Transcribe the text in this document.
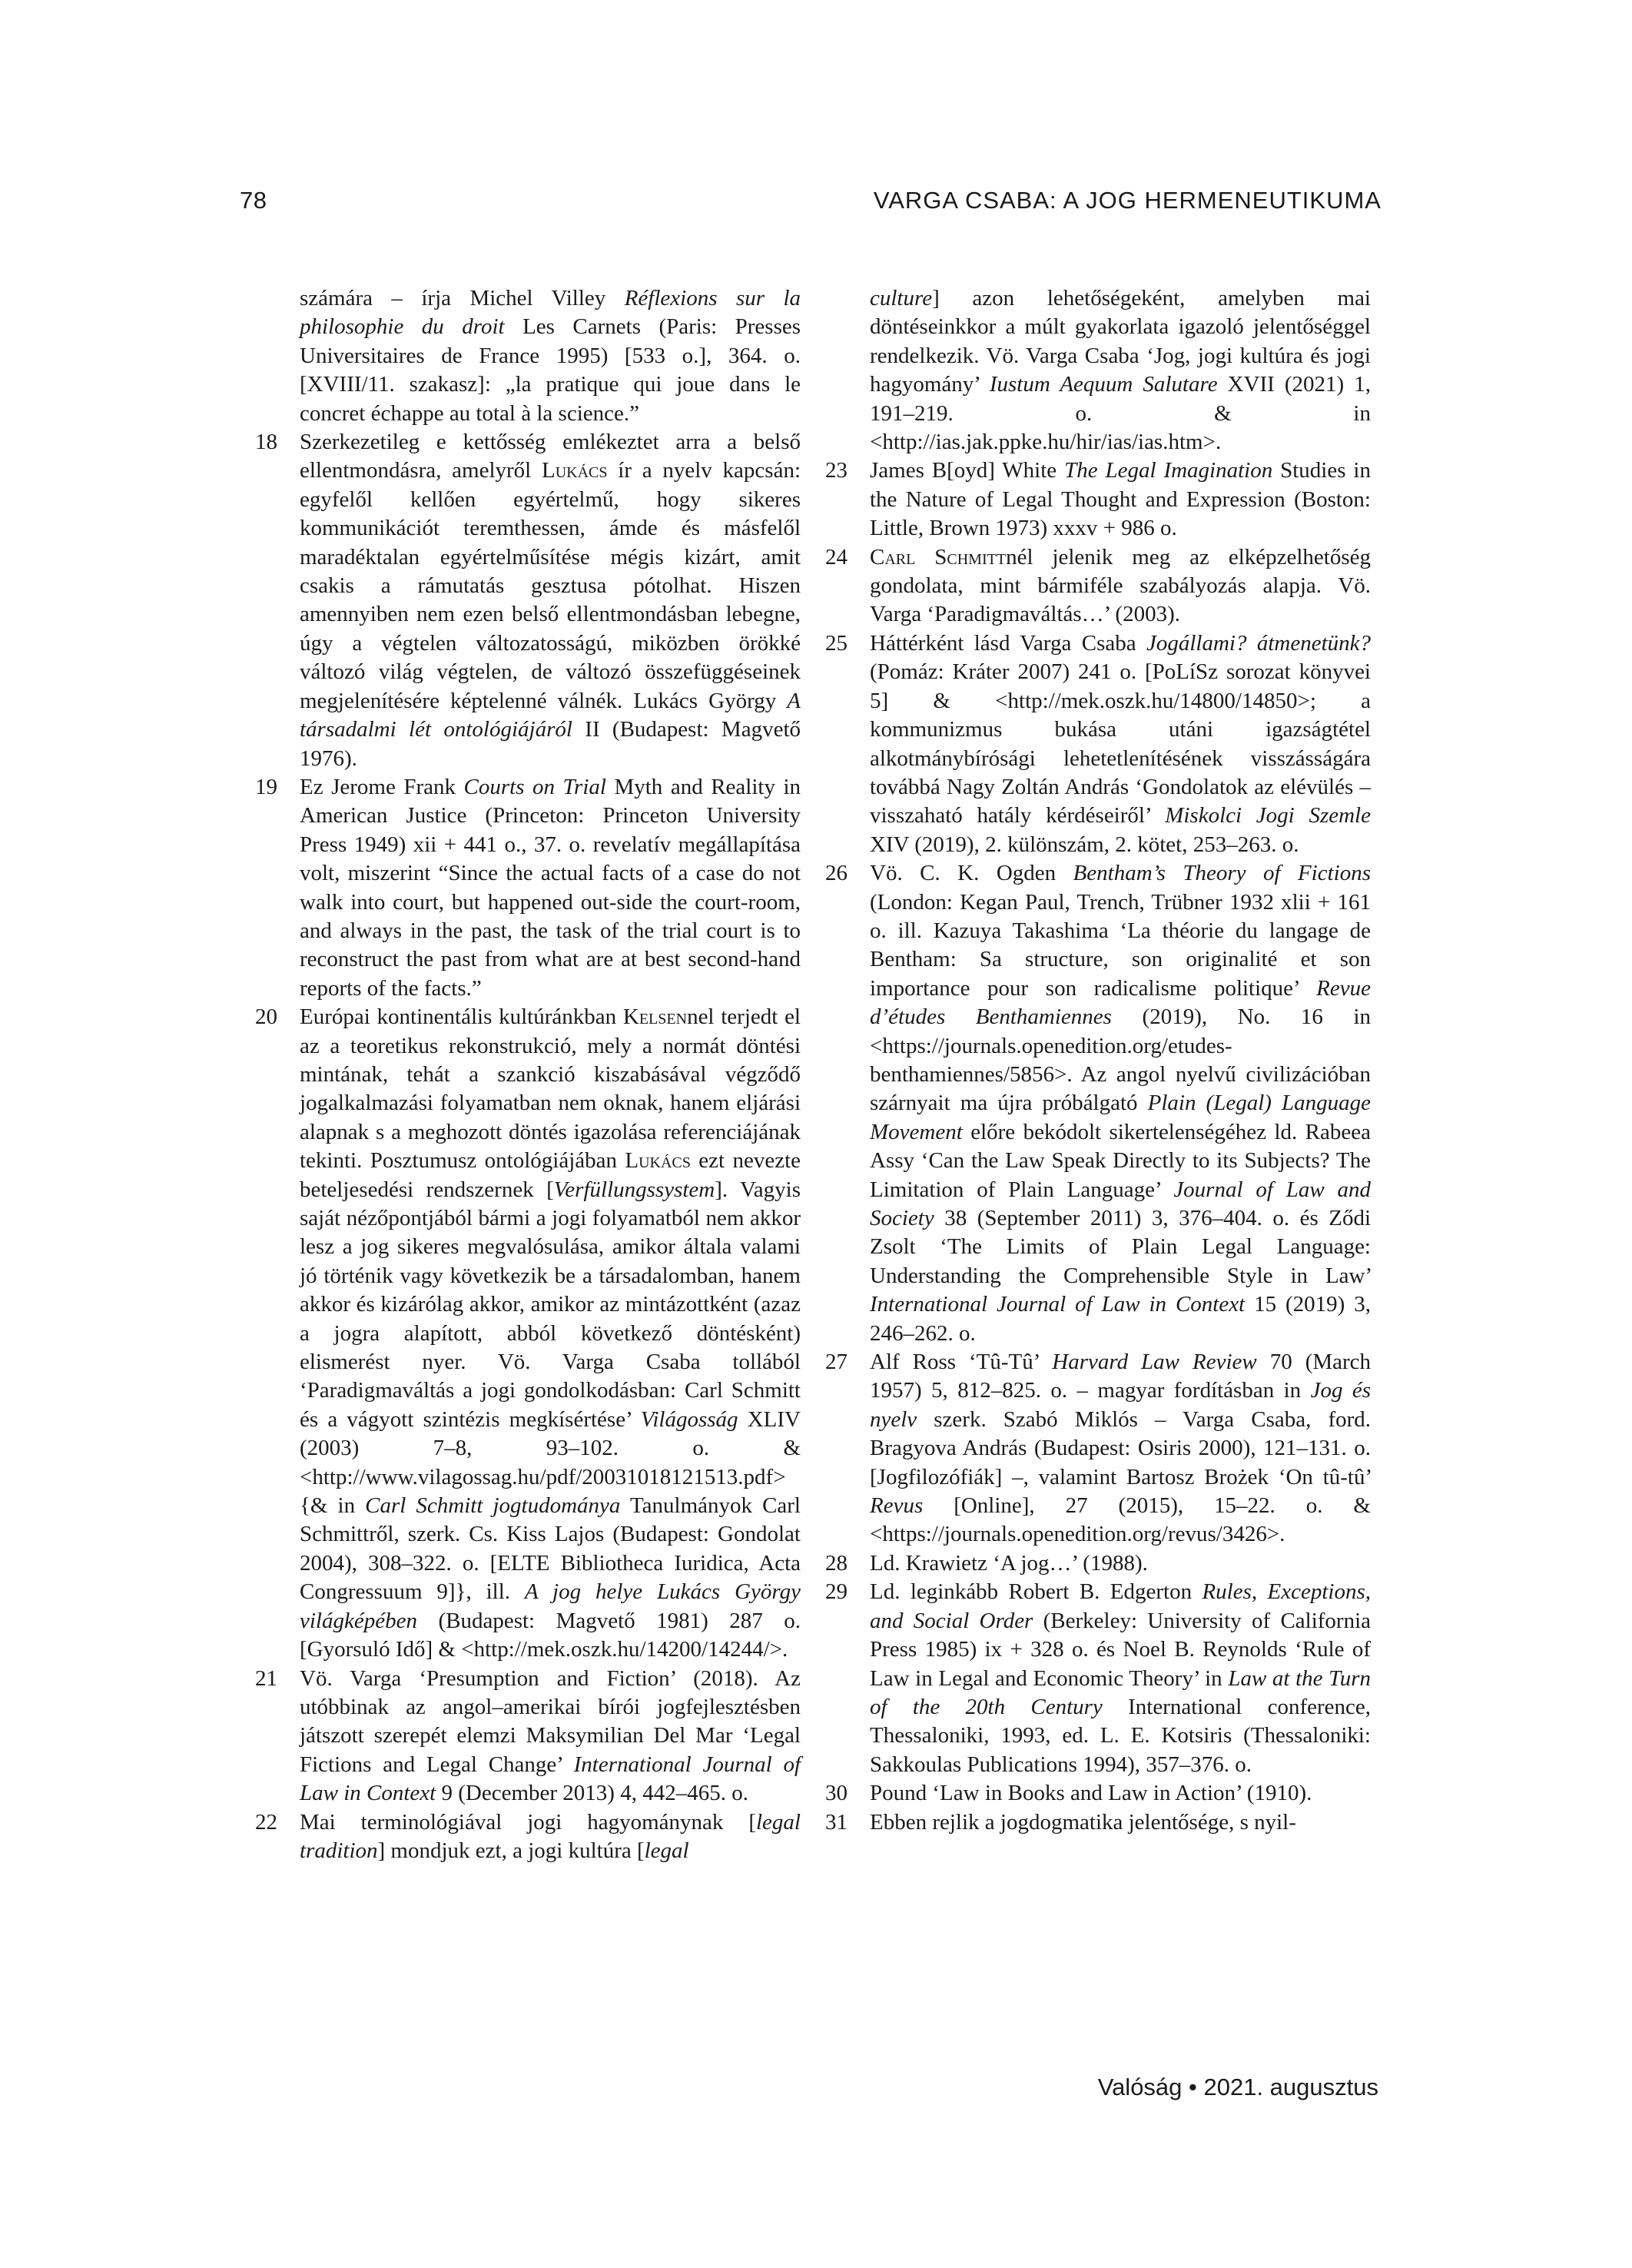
78	VARGA CSABA: A JOG HERMENEUTIKUMA

számára – írja Michel Villey Réflexions sur la philosophie du droit Les Carnets (Paris: Presses Universitaires de France 1995) [533 o.], 364. o. [XVIII/11. szakasz]: „la pratique qui joue dans le concret échappe au total à la science.”

18 Szerkezetileg e kettősség emlékeztet arra a belső ellentmondásra, amelyről Lukács ír a nyelv kapcsán: egyfelől kellően egyértelmű, hogy sikeres kommunikációt teremthessen, ámde és másfelől maradéktalan egyértelműsítése mégis kizárt, amit csakis a rámutatás gesztusa pótolhat. Hiszen amennyiben nem ezen belső ellentmondásban lebegne, úgy a végtelen változatosságú, miközben örökké változó világ végtelen, de változó összefüggéseinek megjelenítésére képtelenné válnék. Lukács György A társadalmi lét ontológiájáról II (Budapest: Magvető 1976).

19 Ez Jerome Frank Courts on Trial Myth and Reality in American Justice (Princeton: Princeton University Press 1949) xii + 441 o., 37. o. revelatív megállapítása volt, miszerint “Since the actual facts of a case do not walk into court, but happened out-side the court-room, and always in the past, the task of the trial court is to reconstruct the past from what are at best second-hand reports of the facts.”

20 Európai kontinentális kultúránkban Kelsennel terjedt el az a teoretikus rekonstrukció, mely a normát döntési mintának, tehát a szankció kiszabásával végződő jogalkalmazási folyamatban nem oknak, hanem eljárási alapnak s a meghozott döntés igazolása referenciájának tekinti. Posztumusz ontológiájában Lukács ezt nevezte beteljesedési rendszernek [Verfüllungssystem]. Vagyis saját nézőpontjából bármi a jogi folyamatból nem akkor lesz a jog sikeres megvalósulása, amikor általa valami jó történik vagy következik be a társadalomban, hanem akkor és kizárólag akkor, amikor az mintázottként (azaz a jogra alapított, abból következő döntésként) elismerést nyer. Vö. Varga Csaba tollából ‘Paradigmaváltás a jogi gondolkodásban: Carl Schmitt és a vágyott szintézis megkísértése’ Világosság XLIV (2003) 7–8, 93–102. o. & <http://www.vilagossag.hu/pdf/20031018121513.pdf> {& in Carl Schmitt jogtudománya Tanulmányok Carl Schmittről, szerk. Cs. Kiss Lajos (Budapest: Gondolat 2004), 308–322. o. [ELTE Bibliotheca Iuridica, Acta Congressuum 9]}, ill. A jog helye Lukács György világképében (Budapest: Magvető 1981) 287 o. [Gyorsuló Idő] & <http://mek.oszk.hu/14200/14244/>.

21 Vö. Varga ‘Presumption and Fiction’ (2018). Az utóbbinak az angol–amerikai bírói jogfejlesztésben játszott szerepét elemzi Maksymilian Del Mar ‘Legal Fictions and Legal Change’ International Journal of Law in Context 9 (December 2013) 4, 442–465. o.

22 Mai terminológiával jogi hagyománynak [legal tradition] mondjuk ezt, a jogi kultúra [legal

culture] azon lehetőségeként, amelyben mai döntéseinkkor a múlt gyakorlata igazoló jelentőséggel rendelkezik. Vö. Varga Csaba ‘Jog, jogi kultúra és jogi hagyomány’ Iustum Aequum Salutare XVII (2021) 1, 191–219. o. & in <http://ias.jak.ppke.hu/hir/ias/ias.htm>.

23 James B[oyd] White The Legal Imagination Studies in the Nature of Legal Thought and Expression (Boston: Little, Brown 1973) xxxv + 986 o.

24 Carl Schmittnél jelenik meg az elképzelhetőség gondolata, mint bármiféle szabályozás alapja. Vö. Varga ‘Paradigmaváltás…’ (2003).

25 Háttérként lásd Varga Csaba Jogállami? átmenetünk? (Pomáz: Kráter 2007) 241 o. [PoLíSz sorozat könyvei 5] & <http://mek.oszk.hu/14800/14850>; a kommunizmus bukása utáni igazságtétel alkotmánybírósági lehetetlenítésének visszásságára továbbá Nagy Zoltán András ‘Gondolatok az elévülés – visszaható hatály kérdéseiről’ Miskolci Jogi Szemle XIV (2019), 2. különszám, 2. kötet, 253–263. o.

26 Vö. C. K. Ogden Bentham’s Theory of Fictions (London: Kegan Paul, Trench, Trübner 1932 xlii + 161 o. ill. Kazuya Takashima ‘La théorie du langage de Bentham: Sa structure, son originalité et son importance pour son radicalisme politique’ Revue d’études Benthamiennes (2019), No. 16 in <https://journals.openedition.org/etudes-benthamiennes/5856>. Az angol nyelvű civilizációban szárnyait ma újra próbálgató Plain (Legal) Language Movement előre bekódolt sikertelenségéhez ld. Rabeea Assy ‘Can the Law Speak Directly to its Subjects? The Limitation of Plain Language’ Journal of Law and Society 38 (September 2011) 3, 376–404. o. és Ződi Zsolt ‘The Limits of Plain Legal Language: Understanding the Comprehensible Style in Law’ International Journal of Law in Context 15 (2019) 3, 246–262. o.

27 Alf Ross ‘Tû-Tû’ Harvard Law Review 70 (March 1957) 5, 812–825. o. – magyar fordításban in Jog és nyelv szerk. Szabó Miklós – Varga Csaba, ford. Bragyova András (Budapest: Osiris 2000), 121–131. o. [Jogfilozófiák] –, valamint Bartosz Brożek ‘On tû-tû’ Revus [Online], 27 (2015), 15–22. o. & <https://journals.openedition.org/revus/3426>.

28 Ld. Krawietz ‘A jog…’ (1988).

29 Ld. leginkább Robert B. Edgerton Rules, Exceptions, and Social Order (Berkeley: University of California Press 1985) ix + 328 o. és Noel B. Reynolds ‘Rule of Law in Legal and Economic Theory’ in Law at the Turn of the 20th Century International conference, Thessaloniki, 1993, ed. L. E. Kotsiris (Thessaloniki: Sakkoulas Publications 1994), 357–376. o.

30 Pound ‘Law in Books and Law in Action’ (1910).

31 Ebben rejlik a jogdogmatika jelentősége, s nyil-

Valóság • 2021. augusztus
